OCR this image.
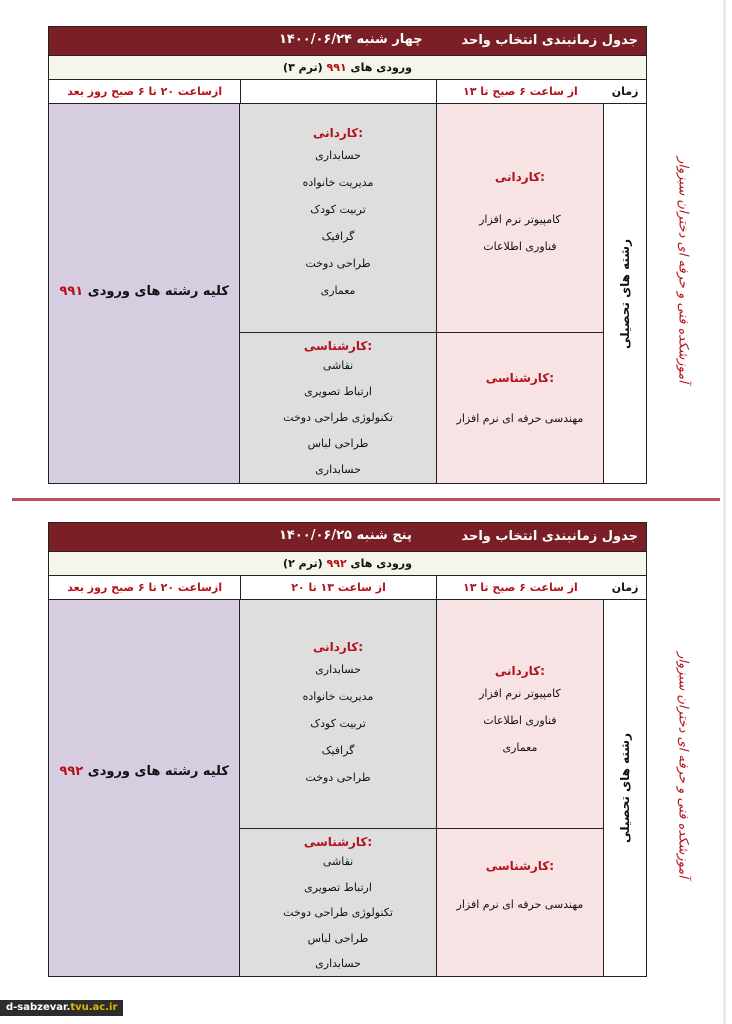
جدول زمانبندی انتخاب واحد
چهار شنبه ۱۴۰۰/۰۶/۲۴
ورودی های ۹۹۱ (ترم ۳)
زمان
از ساعت ۶ صبح تا ۱۳
ازساعت ۲۰ تا ۶ صبح روز بعد
رشته های تحصیلی
کاردانی:
کامپیوتر نرم افزار
فناوری اطلاعات
کارشناسی:
مهندسی حرفه ای نرم افزار
کاردانی:
حسابداری
مدیریت خانواده
تربیت کودک
گرافیک
طراحی دوخت
معماری
کارشناسی:
نقاشی
ارتباط تصویری
تکنولوژی طراحی دوخت
طراحی لباس
حسابداری
کلیه رشته های ورودی ۹۹۱	آموزشکده فنی و حرفه ای دختران سبزوار
جدول زمانبندی انتخاب واحد
پنج شنبه ۱۴۰۰/۰۶/۲۵
ورودی های ۹۹۲ (ترم ۲)
زمان
از ساعت ۶ صبح تا ۱۳
از ساعت ۱۳ تا ۲۰
ازساعت ۲۰ تا ۶ صبح روز بعد
رشته های تحصیلی
کاردانی:
کامپیوتر نرم افزار
فناوری اطلاعات
معماری
کارشناسی:
مهندسی حرفه ای نرم افزار
کاردانی:
حسابداری
مدیریت خانواده
تربیت کودک
گرافیک
طراحی دوخت
کارشناسی:
نقاشی
ارتباط تصویری
تکنولوژی طراحی دوخت
طراحی لباس
حسابداری
کلیه رشته های ورودی ۹۹۲	آموزشکده فنی و حرفه ای دختران سبزوار
d-sabzevar.tvu.ac.ir
